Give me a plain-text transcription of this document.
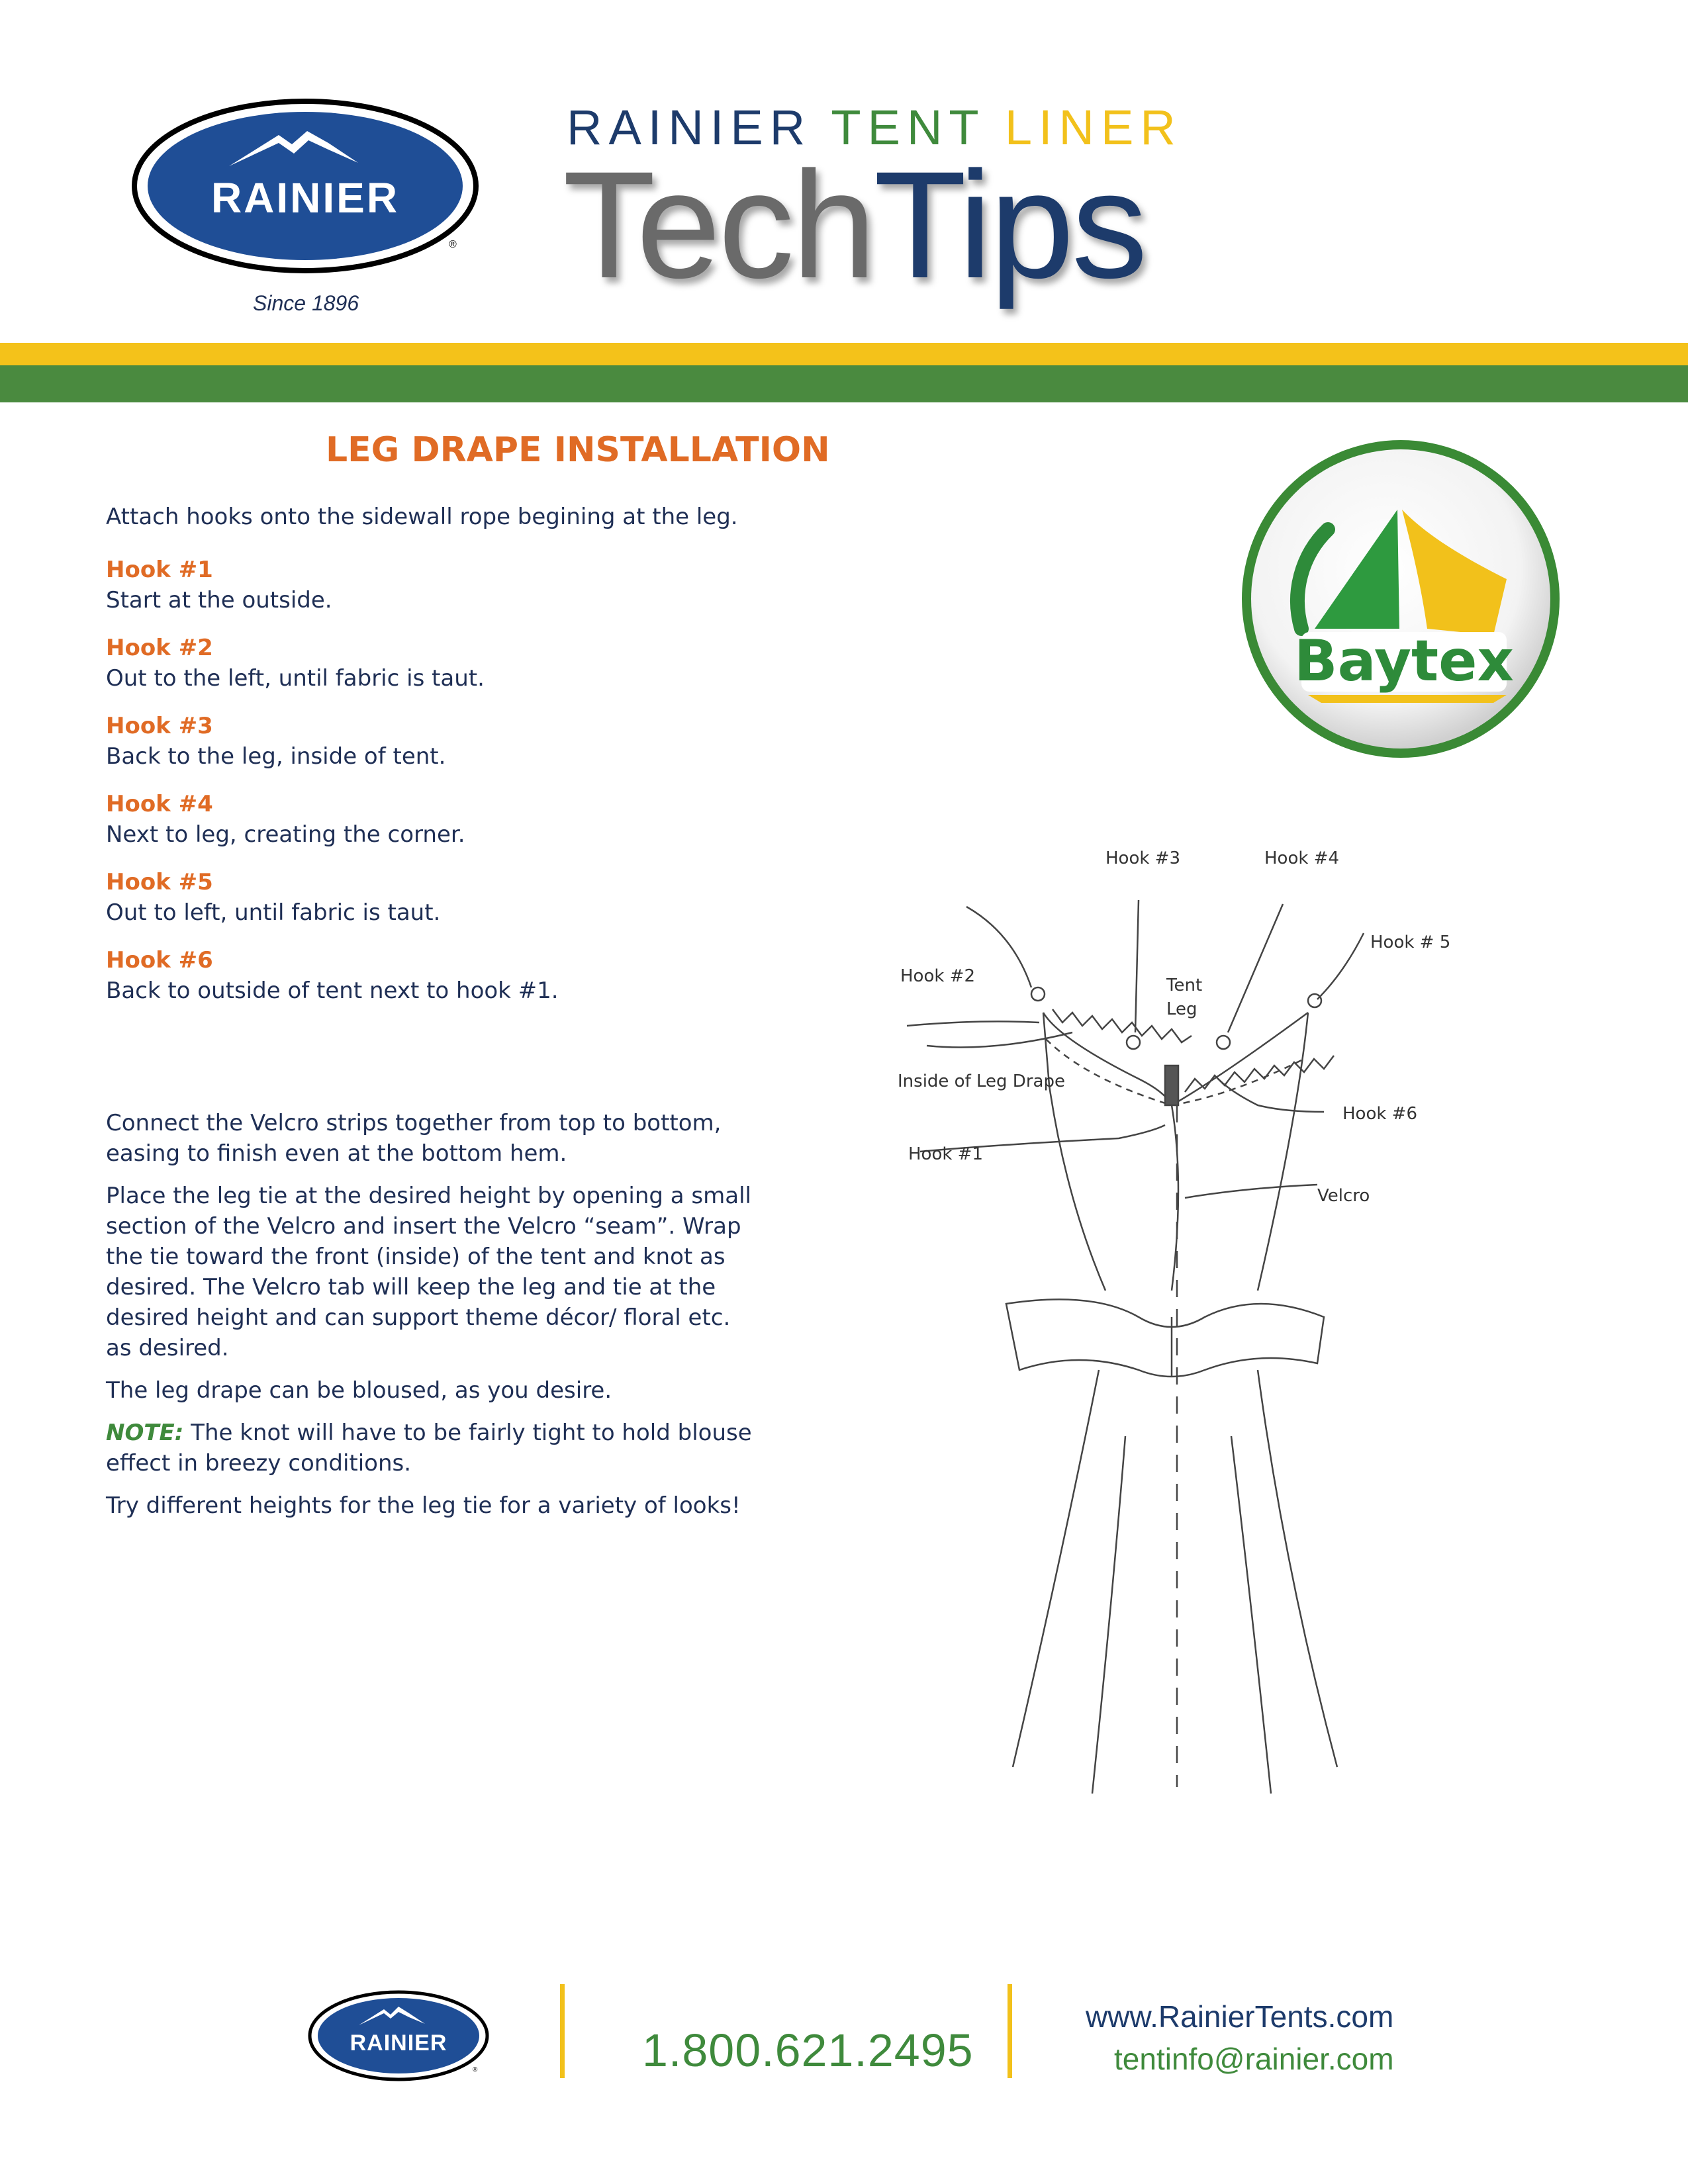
RAINIER
®
Since 1896
RAINIER TENT LINER
TechTips
Baytex
LEG DRAPE INSTALLATION
Attach hooks onto the sidewall rope begining at the leg.
Hook #1
Start at the outside.
Hook #2
Out to the left, until fabric is taut.
Hook #3
Back to the leg, inside of tent.
Hook #4
Next to leg, creating the corner.
Hook #5
Out to left, until fabric is taut.
Hook #6
Back to outside of tent next to hook #1.

Connect the Velcro strips together from top to bottom, easing to finish even at the bottom hem.

Place the leg tie at the desired height by opening a small section of the Velcro and insert the Velcro “seam”. Wrap the tie toward the front (inside) of the tent and knot as desired. The Velcro tab will keep the leg and tie at the desired height and can support theme décor/ floral etc. as desired.

The leg drape can be bloused, as you desire.

NOTE: The knot will have to be fairly tight to hold blouse effect in breezy conditions.

Try different heights for the leg tie for a variety of looks!

Hook #3	Hook #4
Hook # 5
Hook #2	Tent
Leg
Inside of Leg Drape
Hook #6
Hook #1
Velcro
RAINIER
®	1.800.621.2495
www.RainierTents.com
tentinfo@rainier.com
